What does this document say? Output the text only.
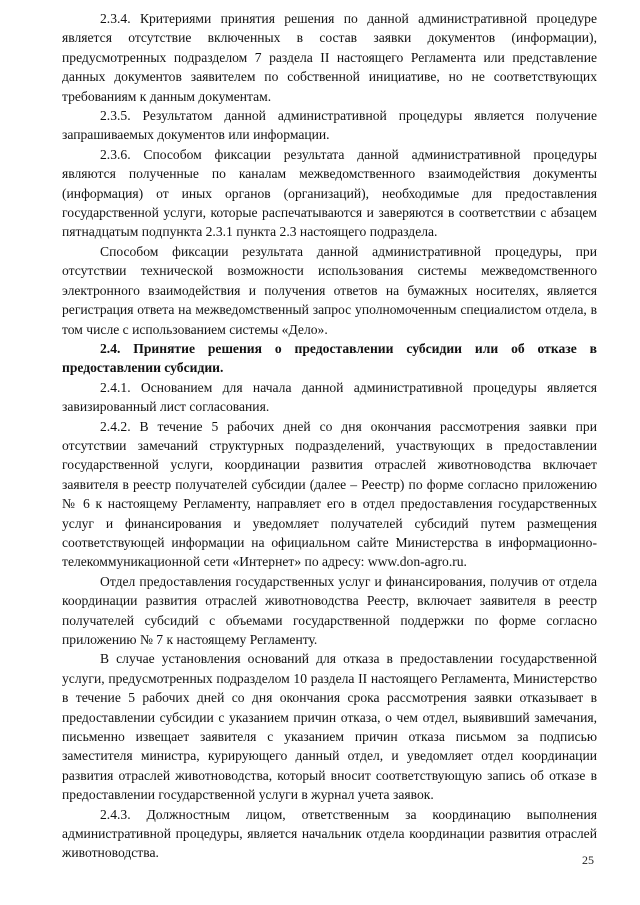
2.3.4. Критериями принятия решения по данной административной процедуре является отсутствие включенных в состав заявки документов (информации), предусмотренных подразделом 7 раздела II настоящего Регламента или представление данных документов заявителем по собственной инициативе, но не соответствующих требованиям к данным документам.

2.3.5. Результатом данной административной процедуры является получение запрашиваемых документов или информации.

2.3.6. Способом фиксации результата данной административной процедуры являются полученные по каналам межведомственного взаимодействия документы (информация) от иных органов (организаций), необходимые для предоставления государственной услуги, которые распечатываются и заверяются в соответствии с абзацем пятнадцатым подпункта 2.3.1 пункта 2.3 настоящего подраздела.

Способом фиксации результата данной административной процедуры, при отсутствии технической возможности использования системы межведомственного электронного взаимодействия и получения ответов на бумажных носителях, является регистрация ответа на межведомственный запрос уполномоченным специалистом отдела, в том числе с использованием системы «Дело».

2.4. Принятие решения о предоставлении субсидии или об отказе в предоставлении субсидии.

2.4.1. Основанием для начала данной административной процедуры является завизированный лист согласования.

2.4.2. В течение 5 рабочих дней со дня окончания рассмотрения заявки при отсутствии замечаний структурных подразделений, участвующих в предоставлении государственной услуги, координации развития отраслей животноводства включает заявителя в реестр получателей субсидии (далее – Реестр) по форме согласно приложению № 6 к настоящему Регламенту, направляет его в отдел предоставления государственных услуг и финансирования и уведомляет получателей субсидий путем размещения соответствующей информации на официальном сайте Министерства в информационно-телекоммуникационной сети «Интернет» по адресу: www.don-agro.ru.

Отдел предоставления государственных услуг и финансирования, получив от отдела координации развития отраслей животноводства Реестр, включает заявителя в реестр получателей субсидий с объемами государственной поддержки по форме согласно приложению № 7 к настоящему Регламенту.

В случае установления оснований для отказа в предоставлении государственной услуги, предусмотренных подразделом 10 раздела II настоящего Регламента, Министерство в течение 5 рабочих дней со дня окончания срока рассмотрения заявки отказывает в предоставлении субсидии с указанием причин отказа, о чем отдел, выявивший замечания, письменно извещает заявителя с указанием причин отказа письмом за подписью заместителя министра, курирующего данный отдел, и уведомляет отдел координации развития отраслей животноводства, который вносит соответствующую запись об отказе в предоставлении государственной услуги в журнал учета заявок.

2.4.3. Должностным лицом, ответственным за координацию выполнения административной процедуры, является начальник отдела координации развития отраслей животноводства.	25
